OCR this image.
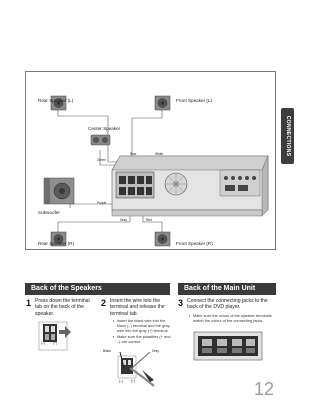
Rear Speaker (L)	Front Speaker (L)
Center Speaker
Subwoofer
Rear Speaker (R)	Front Speaker (R)
Blue	White
Green
Purple
Gray	Red
CONNECTIONS
Back of the Speakers
1 Press down the terminal tab on the back of the speaker.
(–)	(+)
2 Insert the wire into the terminal and release the terminal tab.
▪ Insert the black wire into the black (–) terminal and the gray wire into the gray (+) terminal.
▪ Make sure the polarities (+ and –) are correct.
Black	Gray
(–)	(+)
Back of the Main Unit
3 Connect the connecting jacks to the back of the DVD player.
▪ Make sure the colors of the speaker terminals match the colors of the connecting jacks.
12
